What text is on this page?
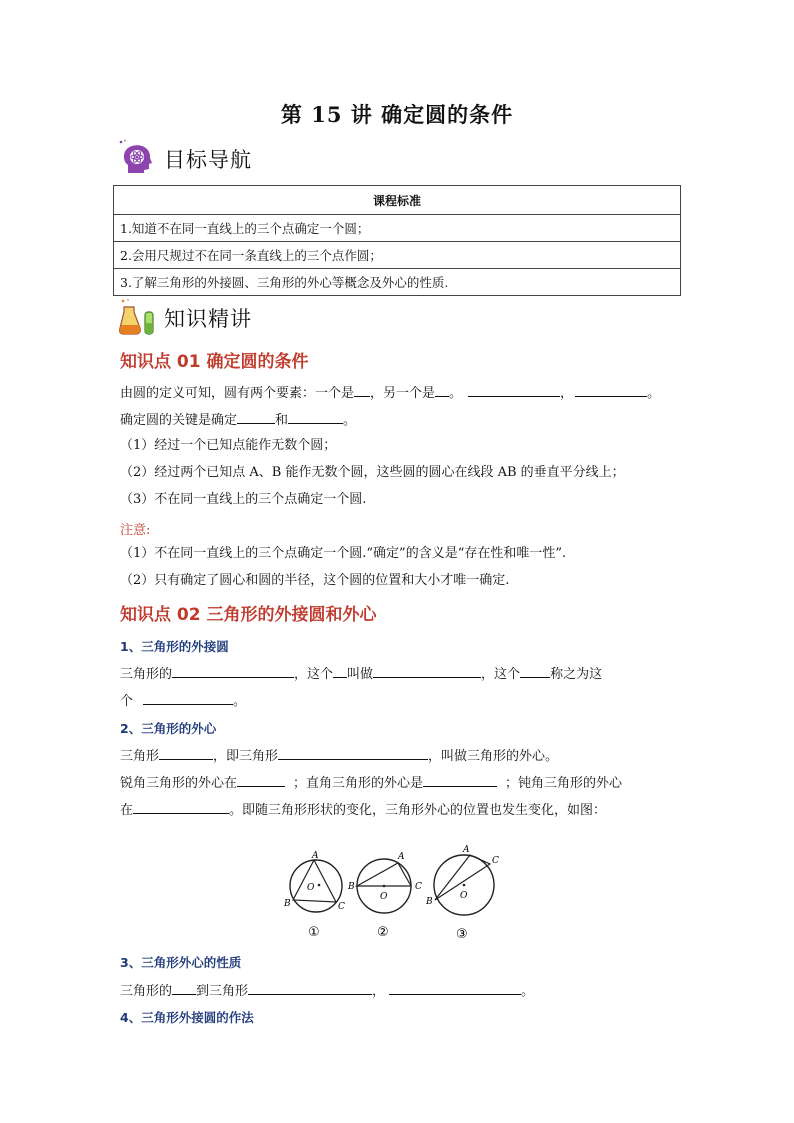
第 15 讲 确定圆的条件
目标导航
课程标准
1.知道不在同一直线上的三个点确定一个圆；
2.会用尺规过不在同一条直线上的三个点作圆；
3.了解三角形的外接圆、三角形的外心等概念及外心的性质.
知识精讲
知识点 01 确定圆的条件
由圆的定义可知，圆有两个要素：一个是 ，另一个是 。	，	。
确定圆的关键是确定	和	。
（1）经过一个已知点能作无数个圆；
（2）经过两个已知点 A、B 能作无数个圆，这些圆的圆心在线段 AB 的垂直平分线上；
（3）不在同一直线上的三个点确定一个圆.
注意:
（1）不在同一直线上的三个点确定一个圆.“确定”的含义是“存在性和唯一性”.
（2）只有确定了圆心和圆的半径，这个圆的位置和大小才唯一确定.
知识点 02 三角形的外接圆和外心
1、三角形的外接圆
三角形的	，这个 叫做	，这个 称之为这
个	。
2、三角形的外心
三角形	，即三角形	，叫做三角形的外心。
锐角三角形的外心在	；直角三角形的外心是	；钝角三角形的外心
在	。即随三角形形状的变化，三角形外心的位置也发生变化，如图：
A
B	C
O
①
A
B	C
O
②
A
B
C
O
③
3、三角形外心的性质
三角形的 到三角形	，	。
4、三角形外接圆的作法
